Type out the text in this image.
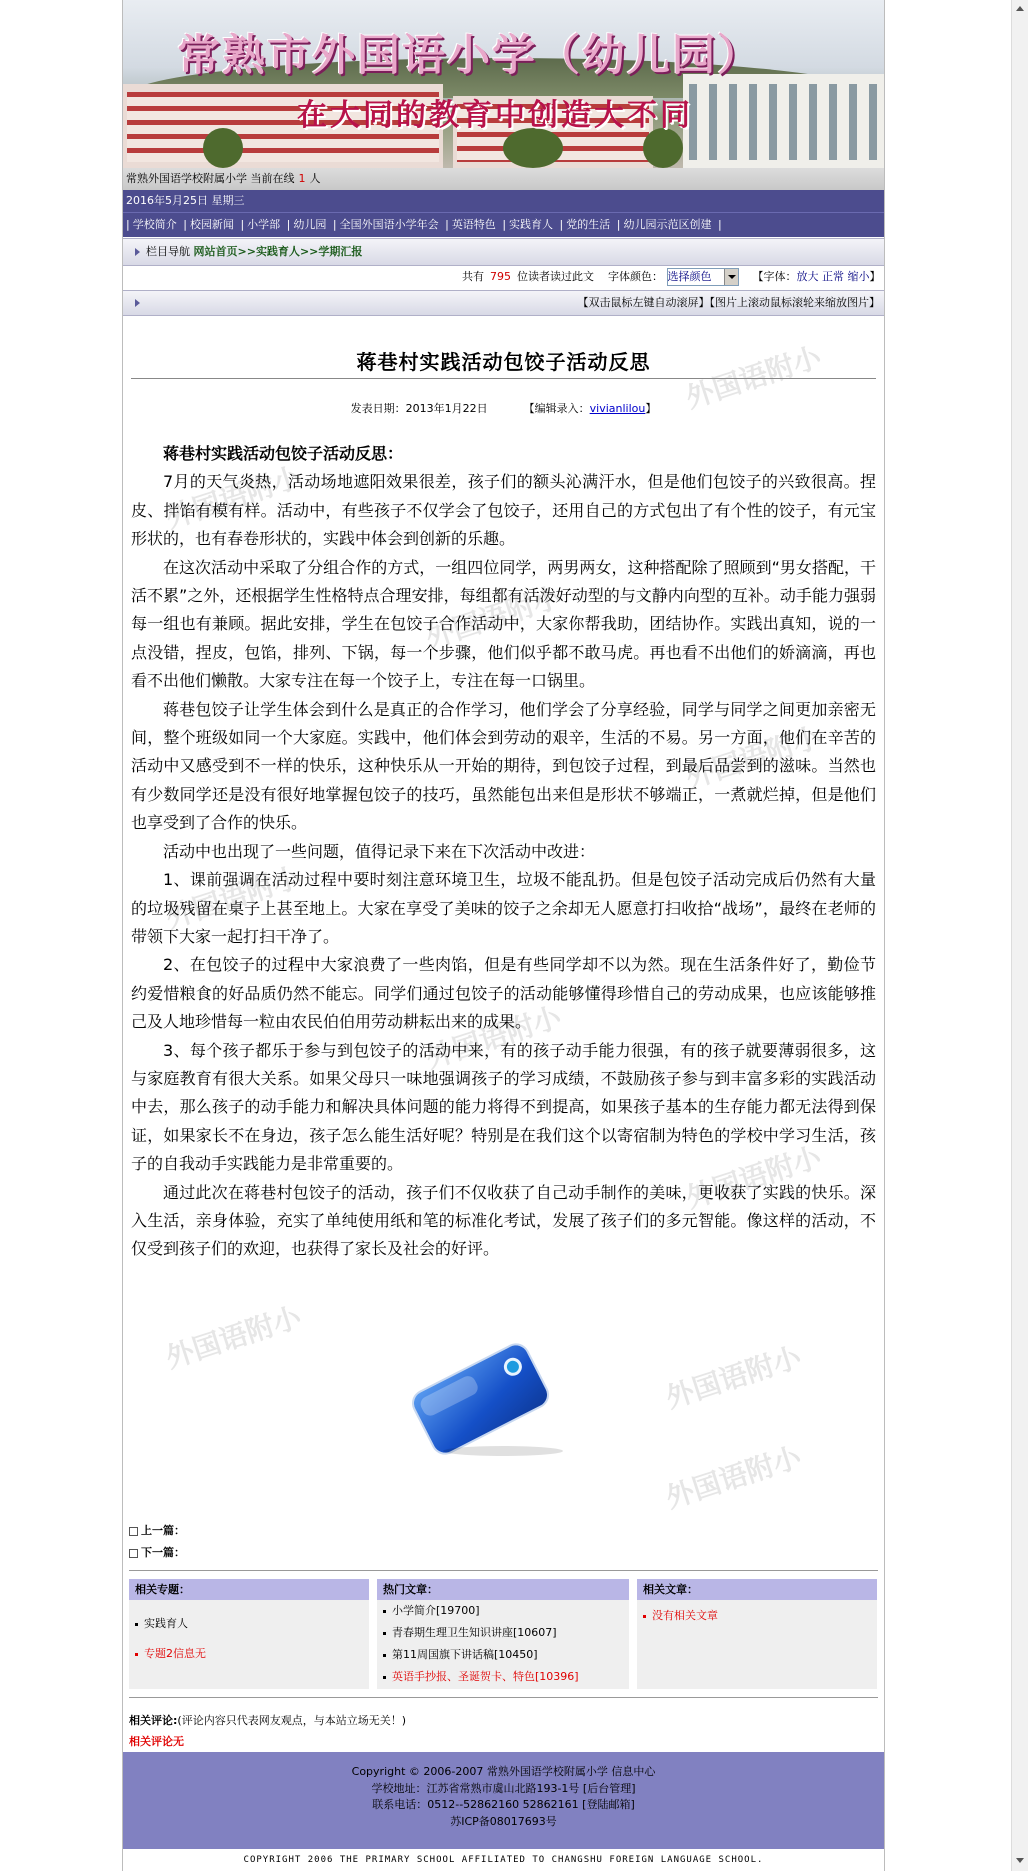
常熟市外国语小学（幼儿园）
在大同的教育中创造大不同
常熟外国语学校附属小学 当前在线 1 人
2016年5月25日 星期三
| 学校简介 | 校园新闻 | 小学部 | 幼儿园 | 全国外国语小学年会 | 英语特色 | 实践育人 | 党的生活 | 幼儿园示范区创建 |
栏目导航 网站首页>>实践育人>>学期汇报
共有 795 位读者读过此文 字体颜色： 选择颜色	【字体：放大 正常 缩小】
【双击鼠标左键自动滚屏】【图片上滚动鼠标滚轮来缩放图片】
外国语附小
外国语附小
外国语附小
外国语附小
外国语附小
外国语附小
外国语附小
外国语附小
外国语附小
外国语附小
蒋巷村实践活动包饺子活动反思
发表日期：2013年1月22日	【编辑录入：vivianlilou】

蒋巷村实践活动包饺子活动反思：

7月的天气炎热，活动场地遮阳效果很差，孩子们的额头沁满汗水，但是他们包饺子的兴致很高。捏皮、拌馅有模有样。活动中，有些孩子不仅学会了包饺子，还用自己的方式包出了有个性的饺子，有元宝形状的，也有春卷形状的，实践中体会到创新的乐趣。

在这次活动中采取了分组合作的方式，一组四位同学，两男两女，这种搭配除了照顾到“男女搭配，干活不累”之外，还根据学生性格特点合理安排，每组都有活泼好动型的与文静内向型的互补。动手能力强弱每一组也有兼顾。据此安排，学生在包饺子合作活动中，大家你帮我助，团结协作。实践出真知，说的一点没错，捏皮，包馅，排列、下锅，每一个步骤，他们似乎都不敢马虎。再也看不出他们的娇滴滴，再也看不出他们懒散。大家专注在每一个饺子上，专注在每一口锅里。

蒋巷包饺子让学生体会到什么是真正的合作学习，他们学会了分享经验，同学与同学之间更加亲密无间，整个班级如同一个大家庭。实践中，他们体会到劳动的艰辛，生活的不易。另一方面，他们在辛苦的活动中又感受到不一样的快乐，这种快乐从一开始的期待，到包饺子过程，到最后品尝到的滋味。当然也有少数同学还是没有很好地掌握包饺子的技巧，虽然能包出来但是形状不够端正，一煮就烂掉，但是他们也享受到了合作的快乐。

活动中也出现了一些问题，值得记录下来在下次活动中改进：

1、课前强调在活动过程中要时刻注意环境卫生，垃圾不能乱扔。但是包饺子活动完成后仍然有大量的垃圾残留在桌子上甚至地上。大家在享受了美味的饺子之余却无人愿意打扫收拾“战场”，最终在老师的带领下大家一起打扫干净了。

2、在包饺子的过程中大家浪费了一些肉馅，但是有些同学却不以为然。现在生活条件好了，勤俭节约爱惜粮食的好品质仍然不能忘。同学们通过包饺子的活动能够懂得珍惜自己的劳动成果，也应该能够推己及人地珍惜每一粒由农民伯伯用劳动耕耘出来的成果。

3、每个孩子都乐于参与到包饺子的活动中来，有的孩子动手能力很强，有的孩子就要薄弱很多，这与家庭教育有很大关系。如果父母只一味地强调孩子的学习成绩，不鼓励孩子参与到丰富多彩的实践活动中去，那么孩子的动手能力和解决具体问题的能力将得不到提高，如果孩子基本的生存能力都无法得到保证，如果家长不在身边，孩子怎么能生活好呢？特别是在我们这个以寄宿制为特色的学校中学习生活，孩子的自我动手实践能力是非常重要的。

通过此次在蒋巷村包饺子的活动，孩子们不仅收获了自己动手制作的美味，更收获了实践的快乐。深入生活，亲身体验，充实了单纯使用纸和笔的标准化考试，发展了孩子们的多元智能。像这样的活动，不仅受到孩子们的欢迎，也获得了家长及社会的好评。

上一篇：
下一篇：
相关专题：
实践育人
专题2信息无
热门文章：
小学简介[19700]
青春期生理卫生知识讲座[10607]
第11周国旗下讲话稿[10450]
英语手抄报、圣诞贺卡、特色[10396]
相关文章：
没有相关文章
相关评论:(评论内容只代表网友观点，与本站立场无关！)
相关评论无
Copyright © 2006-2007 常熟外国语学校附属小学 信息中心
学校地址：江苏省常熟市虞山北路193-1号 [后台管理]
联系电话：0512--52862160 52862161 [登陆邮箱]
苏ICP备08017693号
COPYRIGHT 2006 THE PRIMARY SCHOOL AFFILIATED TO CHANGSHU FOREIGN LANGUAGE SCHOOL.
